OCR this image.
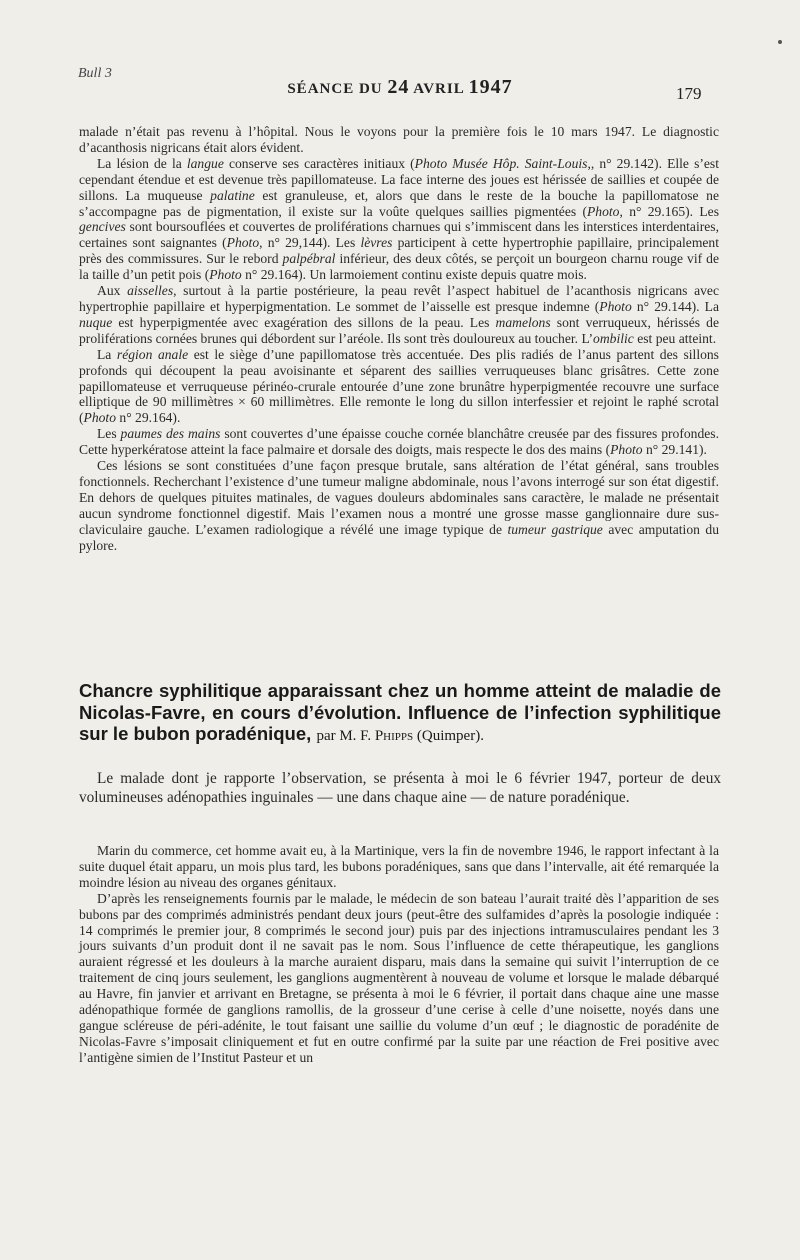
Bull 3
SÉANCE DU 24 AVRIL 1947	179

malade n’était pas revenu à l’hôpital. Nous le voyons pour la première fois le 10 mars 1947. Le diagnostic d’acanthosis nigricans était alors évident.

La lésion de la langue conserve ses caractères initiaux (Photo Musée Hôp. Saint-Louis,, n° 29.142). Elle s’est cependant étendue et est devenue très papillomateuse. La face interne des joues est hérissée de saillies et coupée de sillons. La muqueuse palatine est granuleuse, et, alors que dans le reste de la bouche la papillomatose ne s’accompagne pas de pigmentation, il existe sur la voûte quelques saillies pigmentées (Photo, n° 29.165). Les gencives sont boursouflées et couvertes de proliférations charnues qui s’immiscent dans les interstices interdentaires, certaines sont saignantes (Photo, n° 29,144). Les lèvres participent à cette hypertrophie papillaire, principalement près des commissures. Sur le rebord palpébral inférieur, des deux côtés, se perçoit un bourgeon charnu rouge vif de la taille d’un petit pois (Photo n° 29.164). Un larmoiement continu existe depuis quatre mois.

Aux aisselles, surtout à la partie postérieure, la peau revêt l’aspect habituel de l’acanthosis nigricans avec hypertrophie papillaire et hyperpigmentation. Le sommet de l’aisselle est presque indemne (Photo n° 29.144). La nuque est hyperpigmentée avec exagération des sillons de la peau. Les mamelons sont verruqueux, hérissés de proliférations cornées brunes qui débordent sur l’aréole. Ils sont très douloureux au toucher. L’ombilic est peu atteint.

La région anale est le siège d’une papillomatose très accentuée. Des plis radiés de l’anus partent des sillons profonds qui découpent la peau avoisinante et séparent des saillies verruqueuses blanc grisâtres. Cette zone papillomateuse et verruqueuse périnéo-crurale entourée d’une zone brunâtre hyperpigmentée recouvre une surface elliptique de 90 millimètres × 60 millimètres. Elle remonte le long du sillon interfessier et rejoint le raphé scrotal (Photo n° 29.164).

Les paumes des mains sont couvertes d’une épaisse couche cornée blanchâtre creusée par des fissures profondes. Cette hyperkératose atteint la face palmaire et dorsale des doigts, mais respecte le dos des mains (Photo n° 29.141).

Ces lésions se sont constituées d’une façon presque brutale, sans altération de l’état général, sans troubles fonctionnels. Recherchant l’existence d’une tumeur maligne abdominale, nous l’avons interrogé sur son état digestif. En dehors de quelques pituites matinales, de vagues douleurs abdominales sans caractère, le malade ne présentait aucun syndrome fonctionnel digestif. Mais l’examen nous a montré une grosse masse ganglionnaire dure sus-claviculaire gauche. L’examen radiologique a révélé une image typique de tumeur gastrique avec amputation du pylore.

Chancre syphilitique apparaissant chez un homme atteint de maladie de Nicolas-Favre, en cours d’évolution. Influence de l’infection syphilitique sur le bubon poradénique, par M. F. Phipps (Quimper).

Le malade dont je rapporte l’observation, se présenta à moi le 6 février 1947, porteur de deux volumineuses adénopathies inguinales — une dans chaque aine — de nature poradénique.

Marin du commerce, cet homme avait eu, à la Martinique, vers la fin de novembre 1946, le rapport infectant à la suite duquel était apparu, un mois plus tard, les bubons poradéniques, sans que dans l’intervalle, ait été remarquée la moindre lésion au niveau des organes génitaux.

D’après les renseignements fournis par le malade, le médecin de son bateau l’aurait traité dès l’apparition de ses bubons par des comprimés administrés pendant deux jours (peut-être des sulfamides d’après la posologie indiquée : 14 comprimés le premier jour, 8 comprimés le second jour) puis par des injections intramusculaires pendant les 3 jours suivants d’un produit dont il ne savait pas le nom. Sous l’influence de cette thérapeutique, les ganglions auraient régressé et les douleurs à la marche auraient disparu, mais dans la semaine qui suivit l’interruption de ce traitement de cinq jours seulement, les ganglions augmentèrent à nouveau de volume et lorsque le malade débarqué au Havre, fin janvier et arrivant en Bretagne, se présenta à moi le 6 février, il portait dans chaque aine une masse adénopathique formée de ganglions ramollis, de la grosseur d’une cerise à celle d’une noisette, noyés dans une gangue scléreuse de péri-adénite, le tout faisant une saillie du volume d’un œuf ; le diagnostic de poradénite de Nicolas-Favre s’imposait cliniquement et fut en outre confirmé par la suite par une réaction de Frei positive avec l’antigène simien de l’Institut Pasteur et un
